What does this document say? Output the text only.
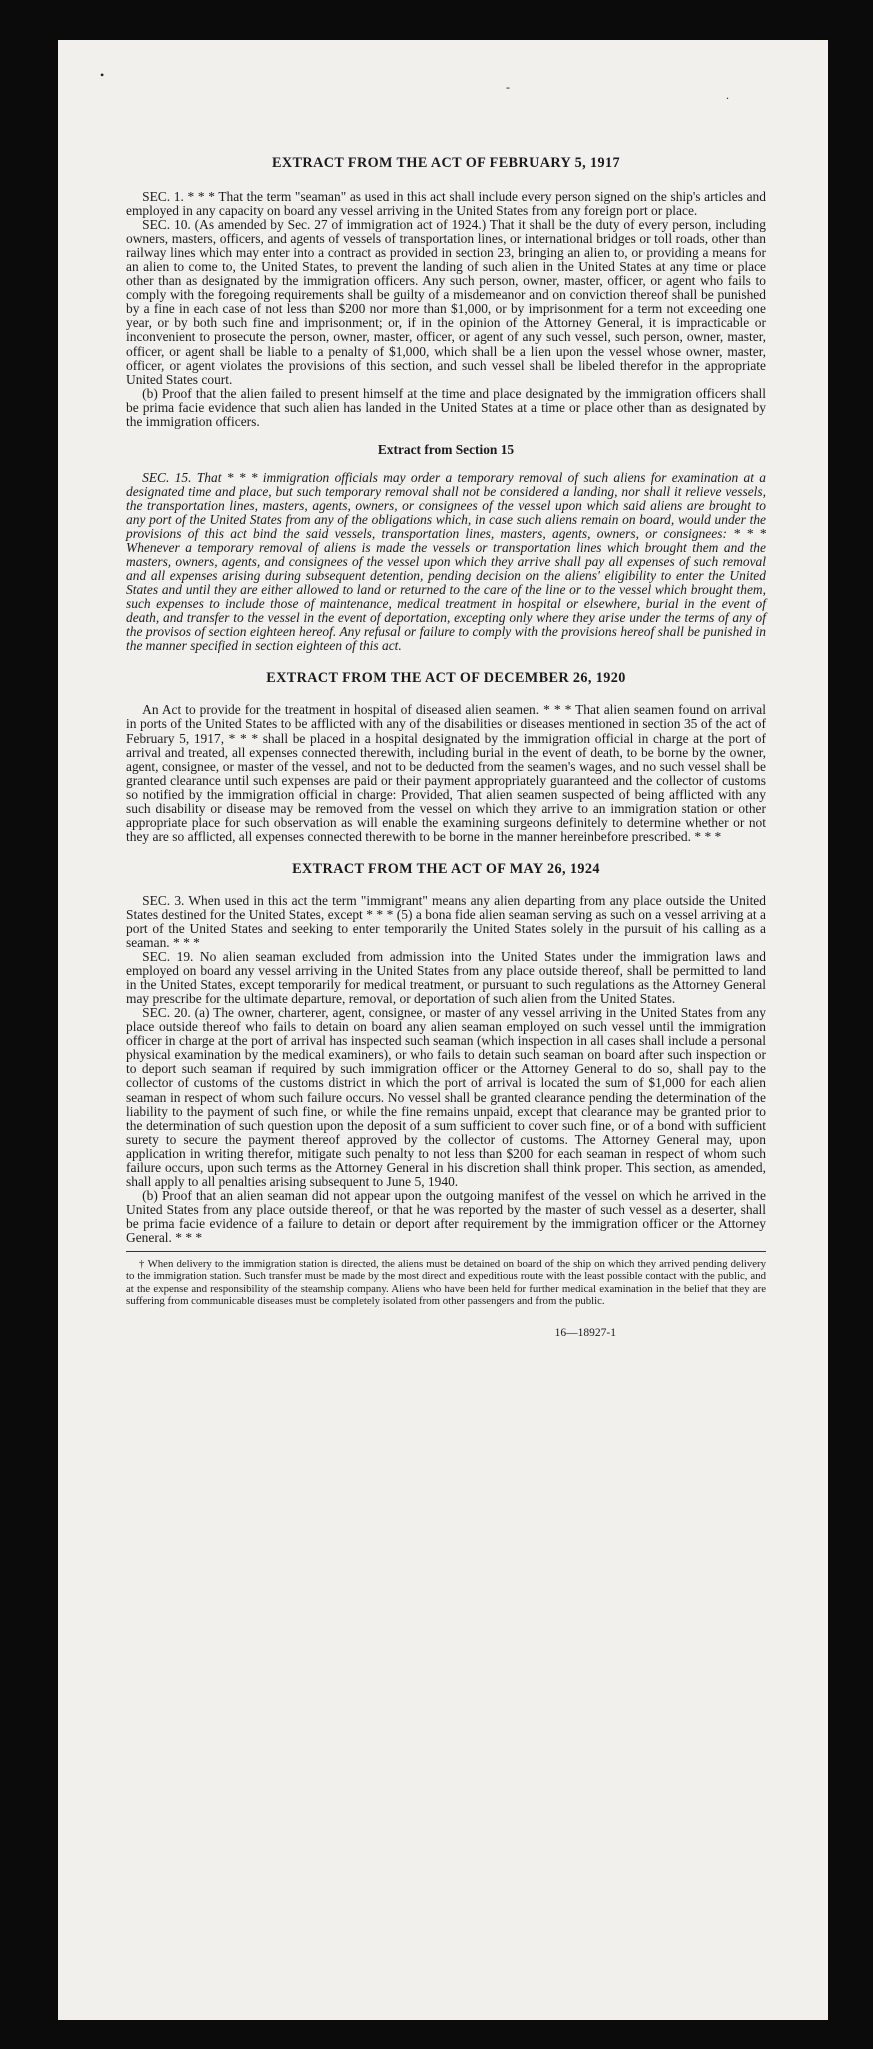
•
-
.
EXTRACT FROM THE ACT OF FEBRUARY 5, 1917

SEC. 1. * * * That the term "seaman" as used in this act shall include every person signed on the ship's articles and employed in any capacity on board any vessel arriving in the United States from any foreign port or place.

SEC. 10. (As amended by Sec. 27 of immigration act of 1924.) That it shall be the duty of every person, including owners, masters, officers, and agents of vessels of transportation lines, or international bridges or toll roads, other than railway lines which may enter into a contract as provided in section 23, bringing an alien to, or providing a means for an alien to come to, the United States, to prevent the landing of such alien in the United States at any time or place other than as designated by the immigration officers. Any such person, owner, master, officer, or agent who fails to comply with the foregoing requirements shall be guilty of a misdemeanor and on conviction thereof shall be punished by a fine in each case of not less than $200 nor more than $1,000, or by imprisonment for a term not exceeding one year, or by both such fine and imprisonment; or, if in the opinion of the Attorney General, it is impracticable or inconvenient to prosecute the person, owner, master, officer, or agent of any such vessel, such person, owner, master, officer, or agent shall be liable to a penalty of $1,000, which shall be a lien upon the vessel whose owner, master, officer, or agent violates the provisions of this section, and such vessel shall be libeled therefor in the appropriate United States court.

(b) Proof that the alien failed to present himself at the time and place designated by the immigration officers shall be prima facie evidence that such alien has landed in the United States at a time or place other than as designated by the immigration officers.

Extract from Section 15

SEC. 15. That * * * immigration officials may order a temporary removal of such aliens for examination at a designated time and place, but such temporary removal shall not be considered a landing, nor shall it relieve vessels, the transportation lines, masters, agents, owners, or consignees of the vessel upon which said aliens are brought to any port of the United States from any of the obligations which, in case such aliens remain on board, would under the provisions of this act bind the said vessels, transportation lines, masters, agents, owners, or consignees: * * * Whenever a temporary removal of aliens is made the vessels or transportation lines which brought them and the masters, owners, agents, and consignees of the vessel upon which they arrive shall pay all expenses of such removal and all expenses arising during subsequent detention, pending decision on the aliens' eligibility to enter the United States and until they are either allowed to land or returned to the care of the line or to the vessel which brought them, such expenses to include those of maintenance, medical treatment in hospital or elsewhere, burial in the event of death, and transfer to the vessel in the event of deportation, excepting only where they arise under the terms of any of the provisos of section eighteen hereof. Any refusal or failure to comply with the provisions hereof shall be punished in the manner specified in section eighteen of this act.

EXTRACT FROM THE ACT OF DECEMBER 26, 1920

An Act to provide for the treatment in hospital of diseased alien seamen. * * * That alien seamen found on arrival in ports of the United States to be afflicted with any of the disabilities or diseases mentioned in section 35 of the act of February 5, 1917, * * * shall be placed in a hospital designated by the immigration official in charge at the port of arrival and treated, all expenses connected therewith, including burial in the event of death, to be borne by the owner, agent, consignee, or master of the vessel, and not to be deducted from the seamen's wages, and no such vessel shall be granted clearance until such expenses are paid or their payment appropriately guaranteed and the collector of customs so notified by the immigration official in charge: Provided, That alien seamen suspected of being afflicted with any such disability or disease may be removed from the vessel on which they arrive to an immigration station or other appropriate place for such observation as will enable the examining surgeons definitely to determine whether or not they are so afflicted, all expenses connected therewith to be borne in the manner hereinbefore prescribed. * * *

EXTRACT FROM THE ACT OF MAY 26, 1924

SEC. 3. When used in this act the term "immigrant" means any alien departing from any place outside the United States destined for the United States, except * * * (5) a bona fide alien seaman serving as such on a vessel arriving at a port of the United States and seeking to enter temporarily the United States solely in the pursuit of his calling as a seaman. * * *

SEC. 19. No alien seaman excluded from admission into the United States under the immigration laws and employed on board any vessel arriving in the United States from any place outside thereof, shall be permitted to land in the United States, except temporarily for medical treatment, or pursuant to such regulations as the Attorney General may prescribe for the ultimate departure, removal, or deportation of such alien from the United States.

SEC. 20. (a) The owner, charterer, agent, consignee, or master of any vessel arriving in the United States from any place outside thereof who fails to detain on board any alien seaman employed on such vessel until the immigration officer in charge at the port of arrival has inspected such seaman (which inspection in all cases shall include a personal physical examination by the medical examiners), or who fails to detain such seaman on board after such inspection or to deport such seaman if required by such immigration officer or the Attorney General to do so, shall pay to the collector of customs of the customs district in which the port of arrival is located the sum of $1,000 for each alien seaman in respect of whom such failure occurs. No vessel shall be granted clearance pending the determination of the liability to the payment of such fine, or while the fine remains unpaid, except that clearance may be granted prior to the determination of such question upon the deposit of a sum sufficient to cover such fine, or of a bond with sufficient surety to secure the payment thereof approved by the collector of customs. The Attorney General may, upon application in writing therefor, mitigate such penalty to not less than $200 for each seaman in respect of whom such failure occurs, upon such terms as the Attorney General in his discretion shall think proper. This section, as amended, shall apply to all penalties arising subsequent to June 5, 1940.

(b) Proof that an alien seaman did not appear upon the outgoing manifest of the vessel on which he arrived in the United States from any place outside thereof, or that he was reported by the master of such vessel as a deserter, shall be prima facie evidence of a failure to detain or deport after requirement by the immigration officer or the Attorney General. * * *

† When delivery to the immigration station is directed, the aliens must be detained on board of the ship on which they arrived pending delivery to the immigration station. Such transfer must be made by the most direct and expeditious route with the least possible contact with the public, and at the expense and responsibility of the steamship company. Aliens who have been held for further medical examination in the belief that they are suffering from communicable diseases must be completely isolated from other passengers and from the public.

16—18927-1
